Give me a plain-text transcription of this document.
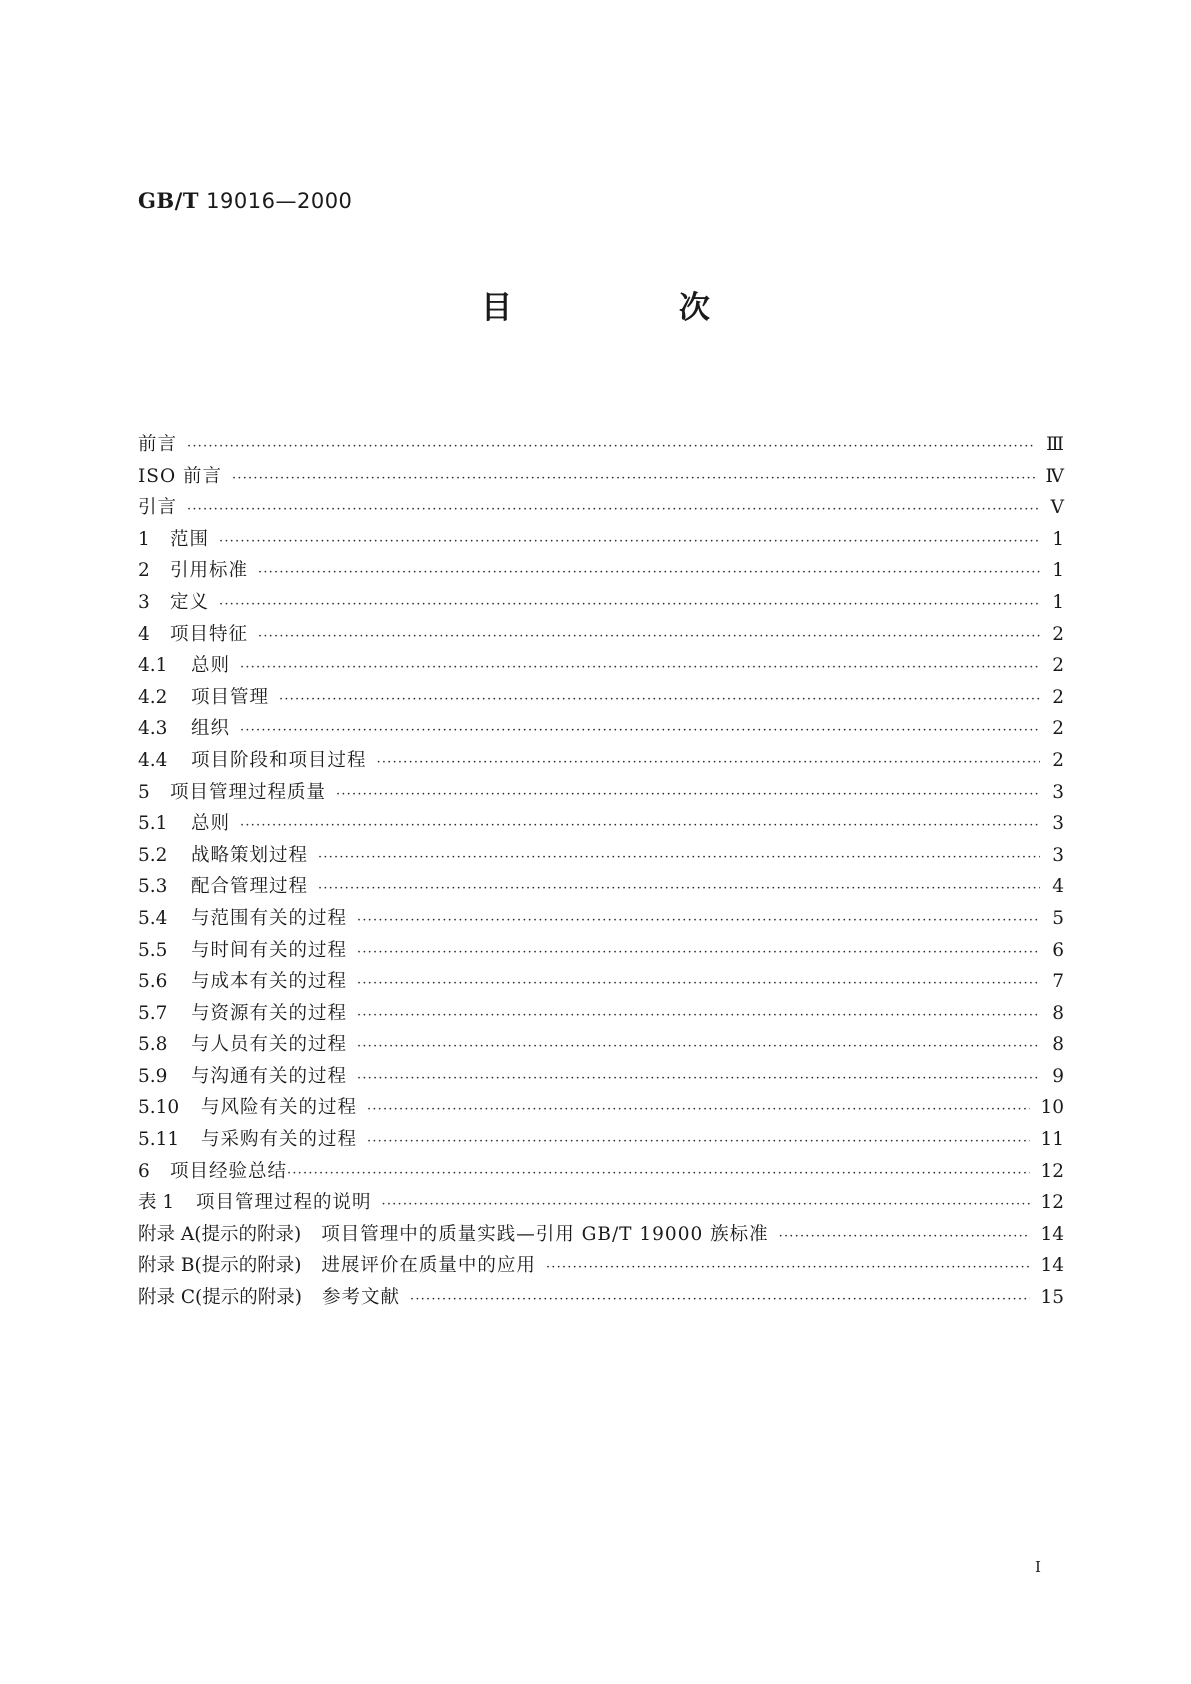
GB/T 19016—2000
目 次
前言 ·····	Ⅲ
ISO 前言 ·····	Ⅳ
引言 ·····	Ⅴ
1	范围 ·····	1
2	引用标准 ·····	1
3	定义 ·····	1
4	项目特征 ·····	2
4.1	总则 ·····	2
4.2	项目管理 ·····	2
4.3	组织 ·····	2
4.4	项目阶段和项目过程 ·····	2
5	项目管理过程质量 ·····	3
5.1	总则 ·····	3
5.2	战略策划过程 ·····	3
5.3	配合管理过程 ·····	4
5.4	与范围有关的过程 ·····	5
5.5	与时间有关的过程 ·····	6
5.6	与成本有关的过程 ·····	7
5.7	与资源有关的过程 ·····	8
5.8	与人员有关的过程 ·····	8
5.9	与沟通有关的过程 ·····	9
5.10	与风险有关的过程 ·····	10
5.11	与采购有关的过程 ·····	11
6	项目经验总结 ·····	12
表 1	项目管理过程的说明 ·····	12
附录 A(提示的附录) 项目管理中的质量实践—引用 GB/T 19000 族标准 ·····	14
附录 B(提示的附录) 进展评价在质量中的应用 ·····	14
附录 C(提示的附录) 参考文献 ·····	15
Ⅰ
